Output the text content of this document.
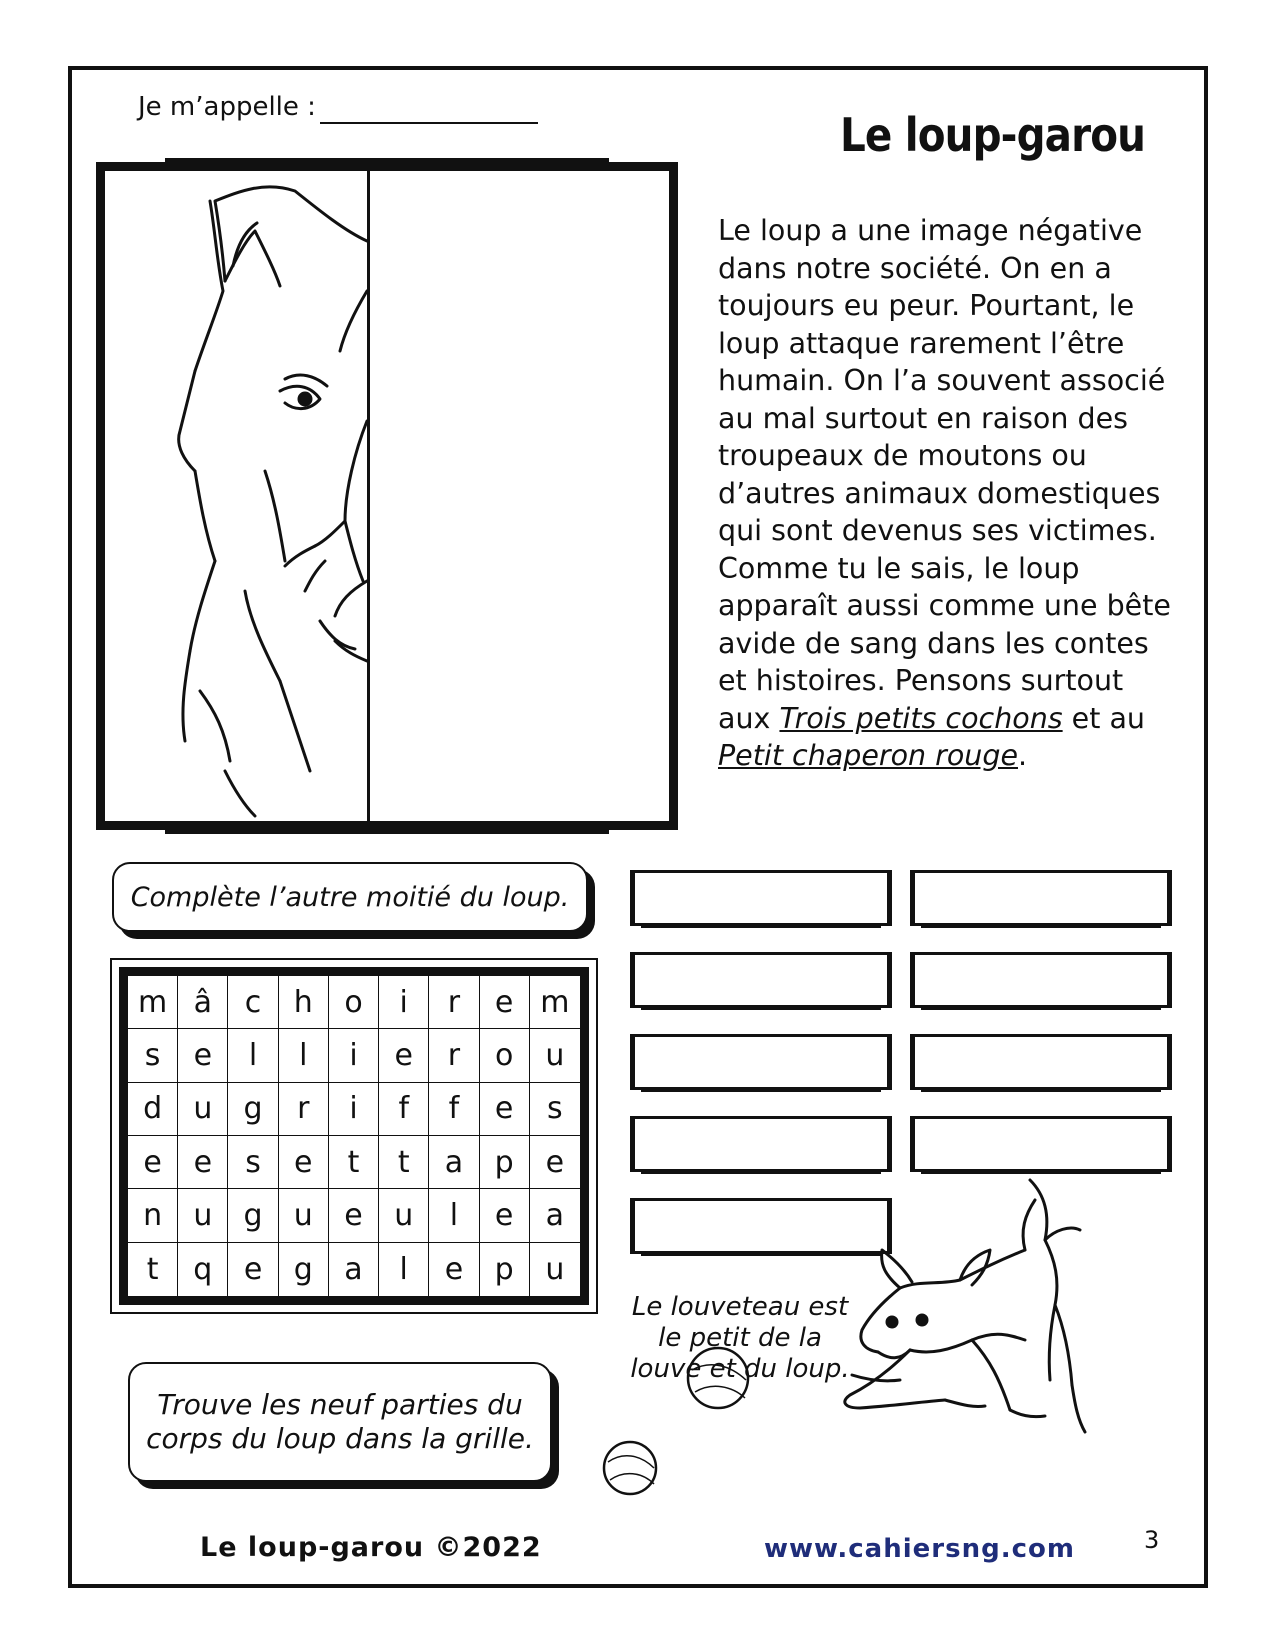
Je m’appelle :
Le loup-garou
Le loup a une image négative dans notre société. On en a toujours eu peur. Pourtant, le loup attaque rarement l’être humain. On l’a souvent associé au mal surtout en raison des troupeaux de moutons ou d’autres animaux domestiques qui sont devenus ses victimes. Comme tu le sais, le loup apparaît aussi comme une bête avide de sang dans les contes et histoires. Pensons surtout aux Trois petits cochons et au Petit chaperon rouge.
Complète l’autre moitié du loup.
m â	c	h	o	i	r	e m
s	e	l	l	i	e	r	o	u
d	u	g	r	i	f	f	e	s
e	e	s	e	t	t	a	p	e
n	u	g	u	e	u	l	e	a
t	q	e	g	a	l	e	p	u
Trouve les neuf parties du corps du loup dans la grille.
Le louveteau est le petit de la louve et du loup.
Le loup-garou ©2022	www.cahiersng.com	3
